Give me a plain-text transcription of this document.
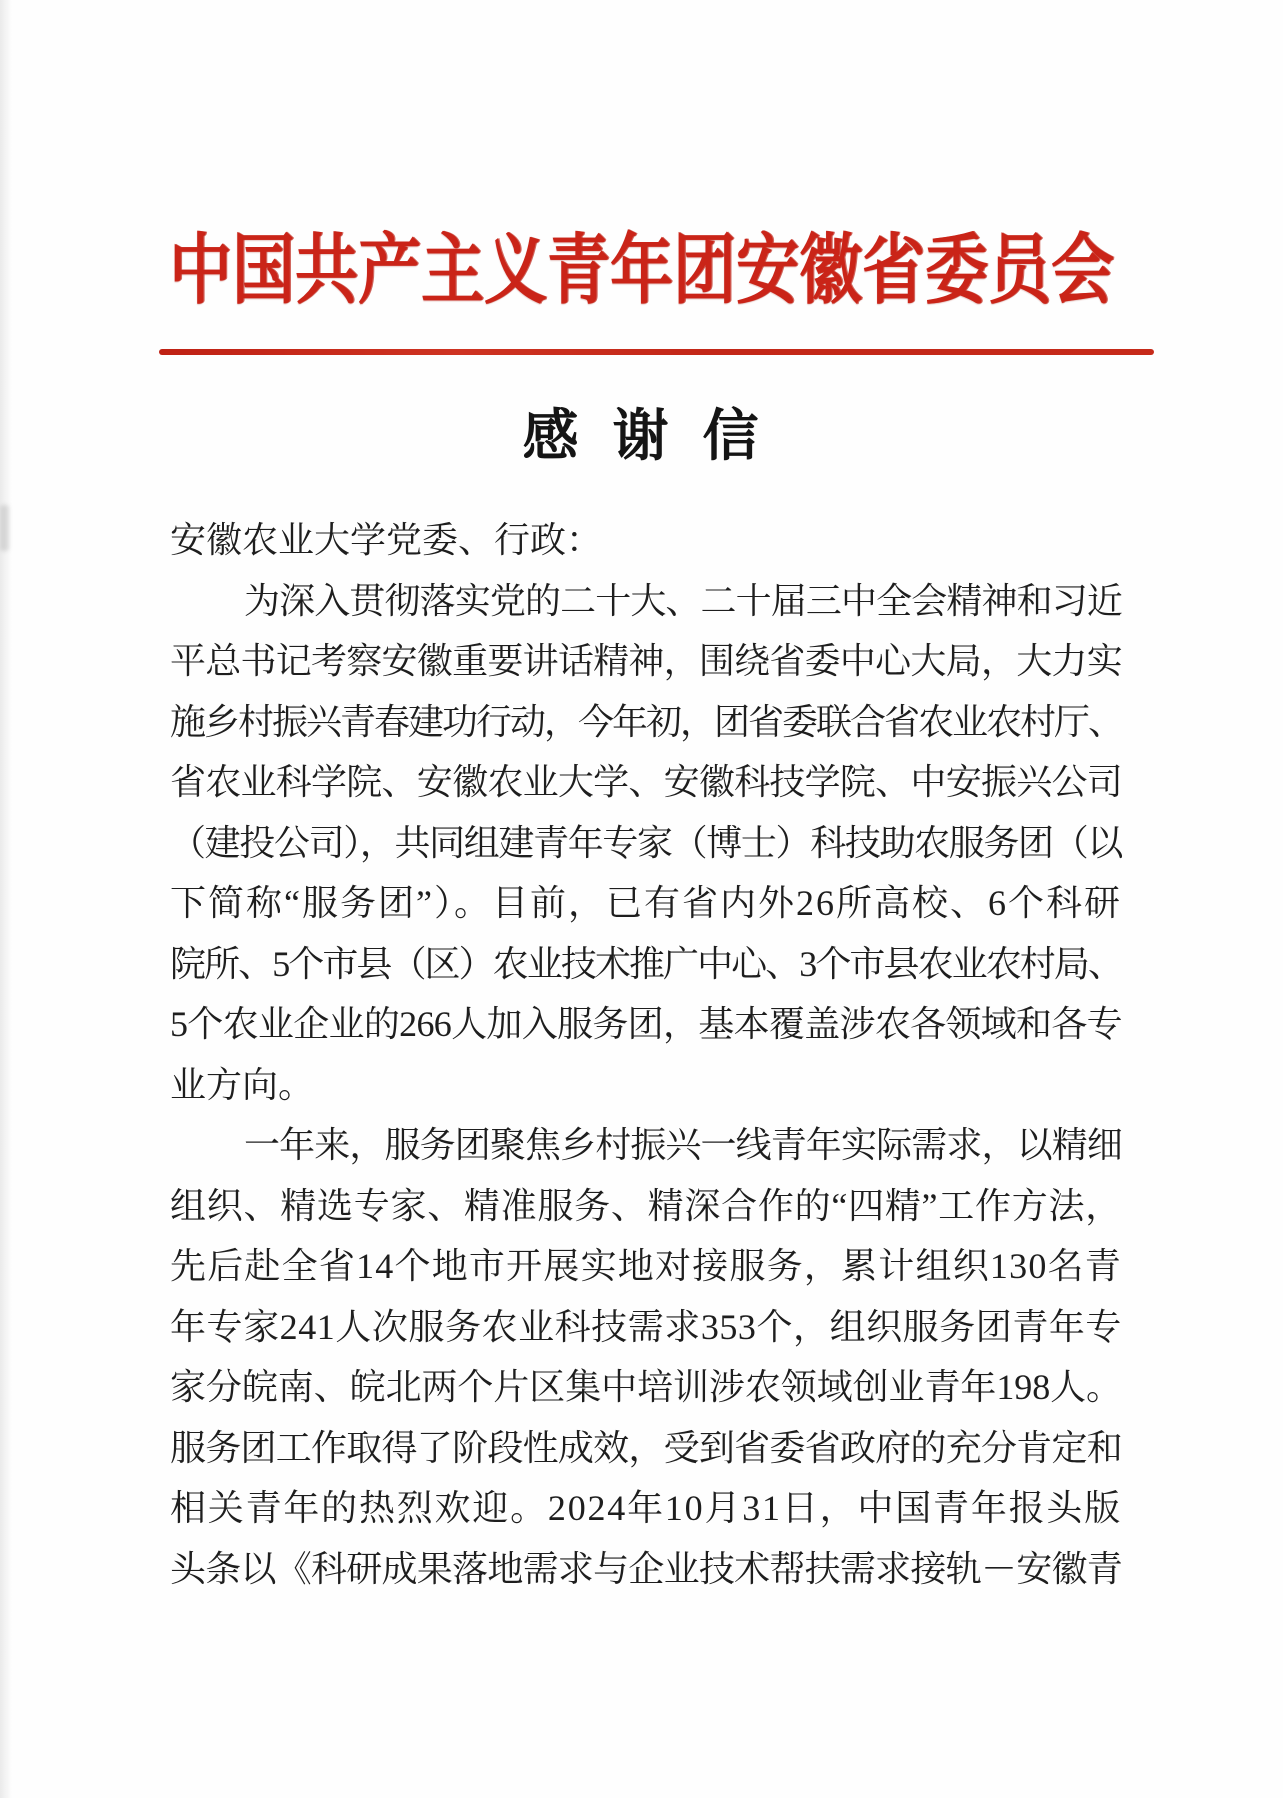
中国共产主义青年团安徽省委员会
感  谢  信
安徽农业大学党委、行政：
为深入贯彻落实党的二十大、二十届三中全会精神和习近
平总书记考察安徽重要讲话精神，围绕省委中心大局，大力实
施乡村振兴青春建功行动，今年初，团省委联合省农业农村厅、
省农业科学院、安徽农业大学、安徽科技学院、中安振兴公司
（建投公司），共同组建青年专家（博士）科技助农服务团（以
下简称“服务团”）。目前，已有省内外26所高校、6个科研
院所、5个市县（区）农业技术推广中心、3个市县农业农村局、
5个农业企业的266人加入服务团，基本覆盖涉农各领域和各专
业方向。
一年来，服务团聚焦乡村振兴一线青年实际需求，以精细
组织、精选专家、精准服务、精深合作的“四精”工作方法，
先后赴全省14个地市开展实地对接服务，累计组织130名青
年专家241人次服务农业科技需求353个，组织服务团青年专
家分皖南、皖北两个片区集中培训涉农领域创业青年198人。
服务团工作取得了阶段性成效，受到省委省政府的充分肯定和
相关青年的热烈欢迎。2024年10月31日，中国青年报头版
头条以《科研成果落地需求与企业技术帮扶需求接轨－安徽青
